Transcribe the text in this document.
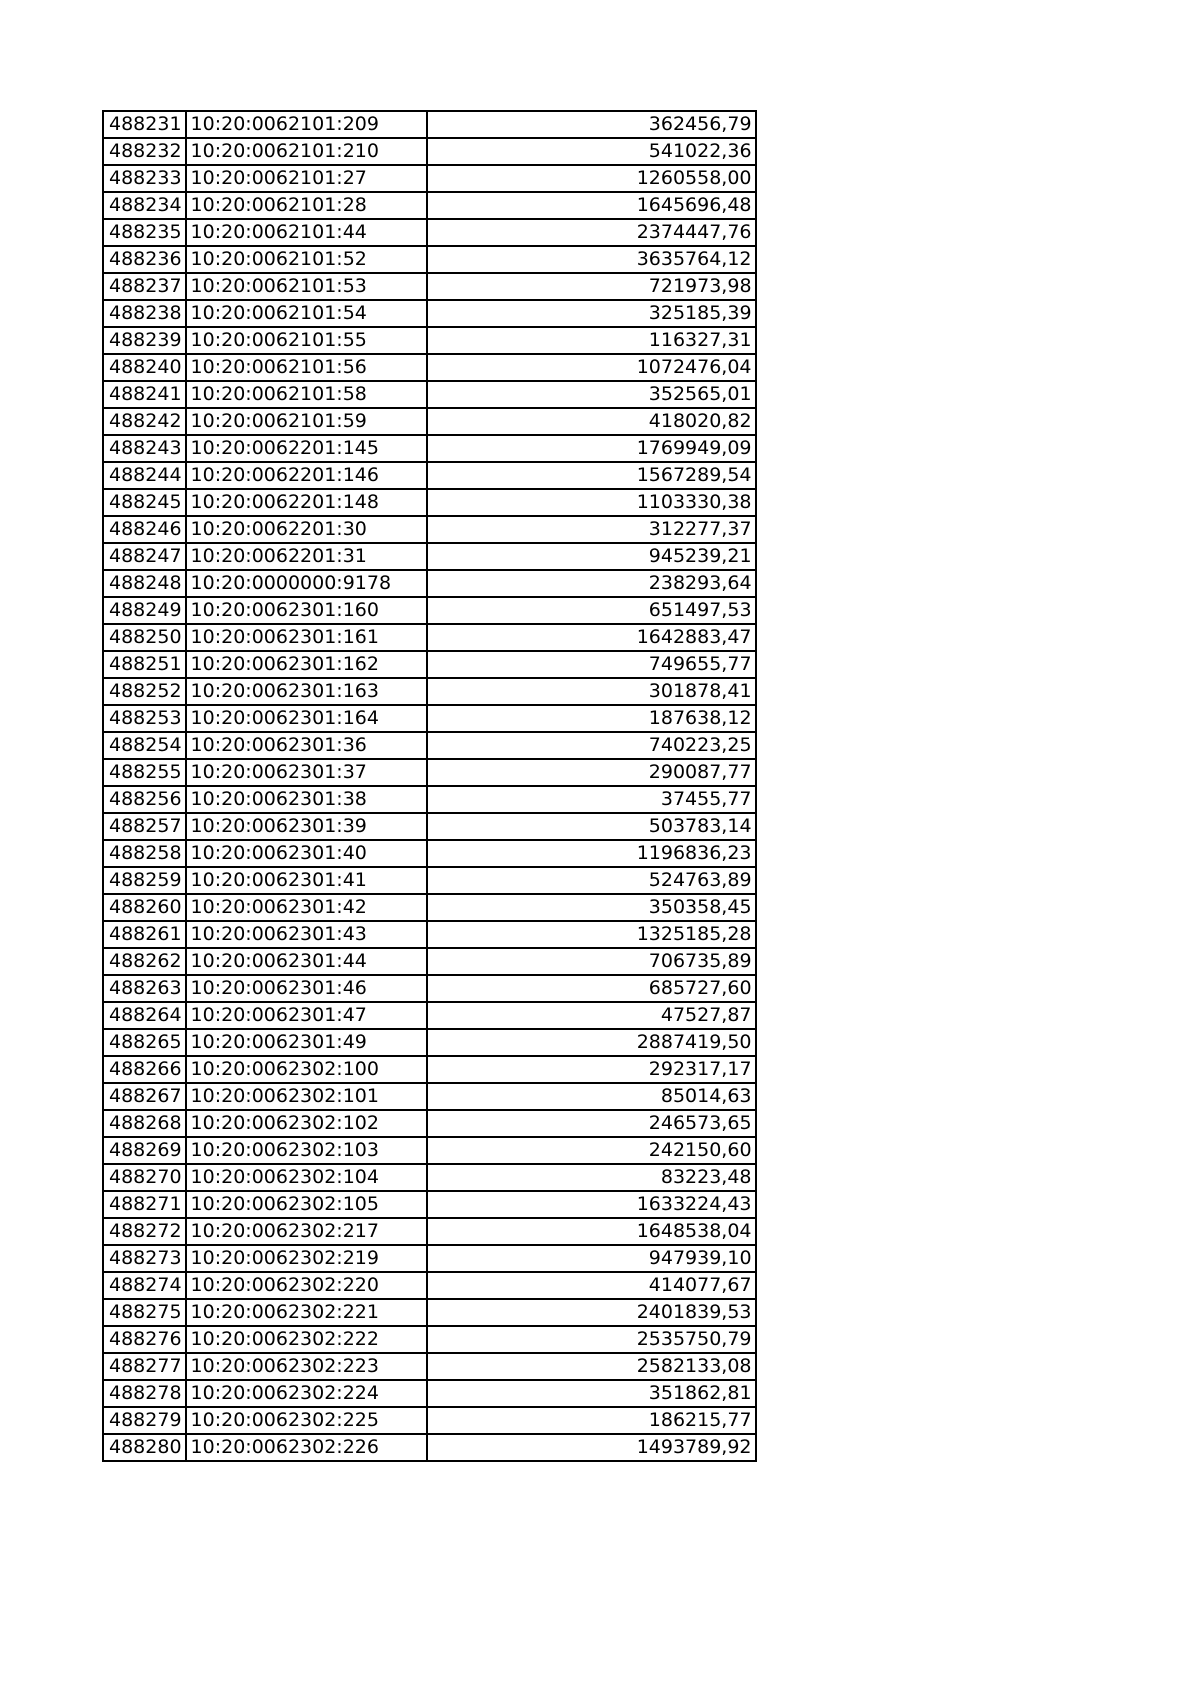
488231	10:20:0062101:209	362456,79
488232	10:20:0062101:210	541022,36
488233	10:20:0062101:27	1260558,00
488234	10:20:0062101:28	1645696,48
488235	10:20:0062101:44	2374447,76
488236	10:20:0062101:52	3635764,12
488237	10:20:0062101:53	721973,98
488238	10:20:0062101:54	325185,39
488239	10:20:0062101:55	116327,31
488240	10:20:0062101:56	1072476,04
488241	10:20:0062101:58	352565,01
488242	10:20:0062101:59	418020,82
488243	10:20:0062201:145	1769949,09
488244	10:20:0062201:146	1567289,54
488245	10:20:0062201:148	1103330,38
488246	10:20:0062201:30	312277,37
488247	10:20:0062201:31	945239,21
488248	10:20:0000000:9178	238293,64
488249	10:20:0062301:160	651497,53
488250	10:20:0062301:161	1642883,47
488251	10:20:0062301:162	749655,77
488252	10:20:0062301:163	301878,41
488253	10:20:0062301:164	187638,12
488254	10:20:0062301:36	740223,25
488255	10:20:0062301:37	290087,77
488256	10:20:0062301:38	37455,77
488257	10:20:0062301:39	503783,14
488258	10:20:0062301:40	1196836,23
488259	10:20:0062301:41	524763,89
488260	10:20:0062301:42	350358,45
488261	10:20:0062301:43	1325185,28
488262	10:20:0062301:44	706735,89
488263	10:20:0062301:46	685727,60
488264	10:20:0062301:47	47527,87
488265	10:20:0062301:49	2887419,50
488266	10:20:0062302:100	292317,17
488267	10:20:0062302:101	85014,63
488268	10:20:0062302:102	246573,65
488269	10:20:0062302:103	242150,60
488270	10:20:0062302:104	83223,48
488271	10:20:0062302:105	1633224,43
488272	10:20:0062302:217	1648538,04
488273	10:20:0062302:219	947939,10
488274	10:20:0062302:220	414077,67
488275	10:20:0062302:221	2401839,53
488276	10:20:0062302:222	2535750,79
488277	10:20:0062302:223	2582133,08
488278	10:20:0062302:224	351862,81
488279	10:20:0062302:225	186215,77
488280	10:20:0062302:226	1493789,92
